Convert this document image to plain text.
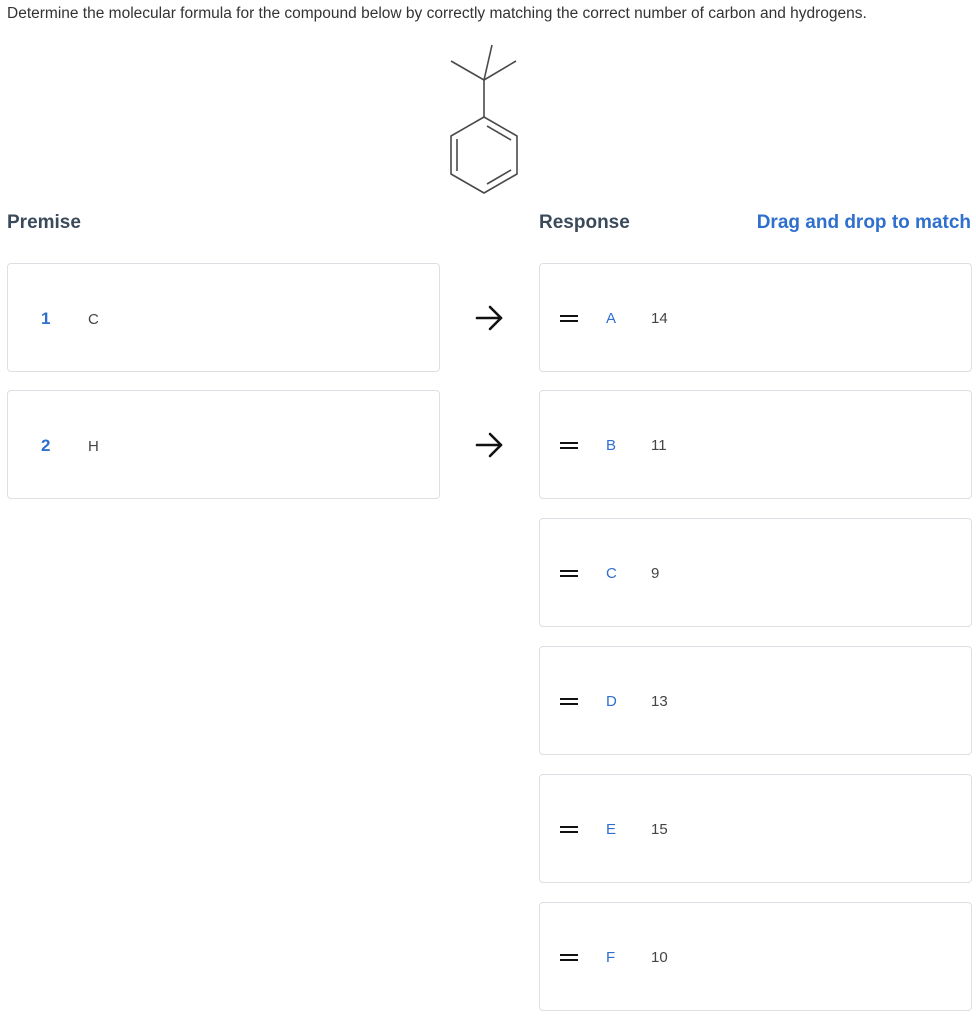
Determine the molecular formula for the compound below by correctly matching the correct number of carbon and hydrogens.
Premise	Response	Drag and drop to match
1	C
2	H
A 14
B 11
C 9
D 13
E 15
F 10
